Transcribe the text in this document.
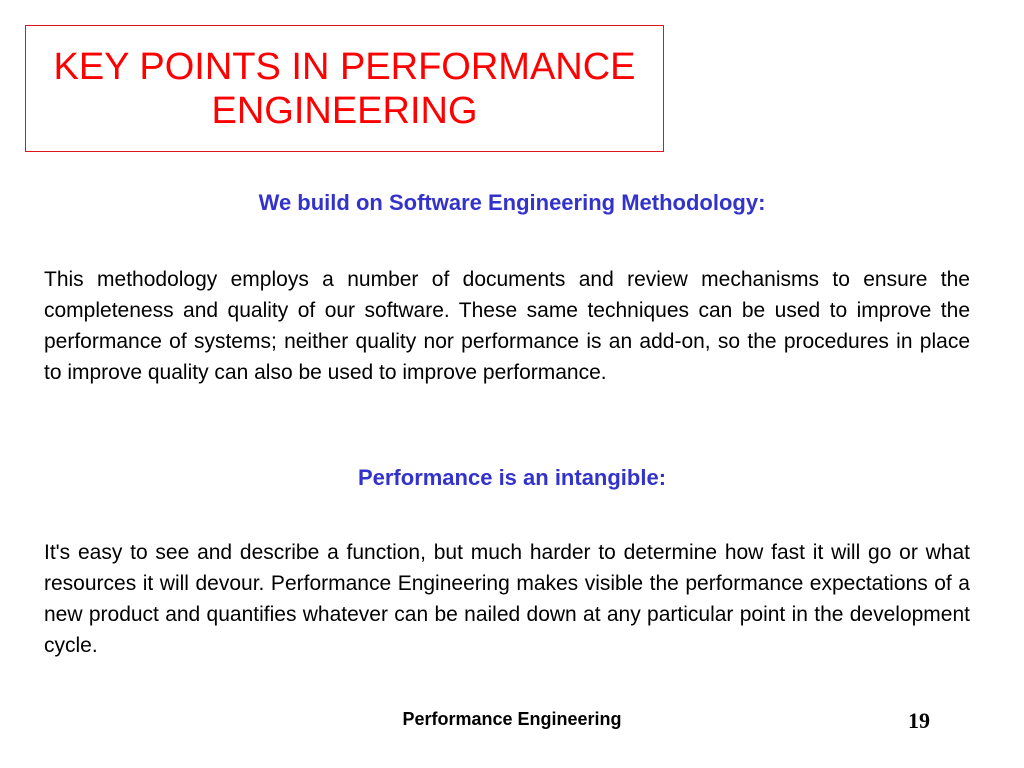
KEY POINTS IN PERFORMANCE
ENGINEERING
We build on Software Engineering Methodology:
This methodology employs a number of documents and review mechanisms to ensure the completeness and quality of our software. These same techniques can be used to improve the performance of systems; neither quality nor performance is an add-on, so the procedures in place to improve quality can also be used to improve performance.
Performance is an intangible:
It's easy to see and describe a function, but much harder to determine how fast it will go or what resources it will devour. Performance Engineering makes visible the performance expectations of a new product and quantifies whatever can be nailed down at any particular point in the development cycle.
Performance Engineering	19
